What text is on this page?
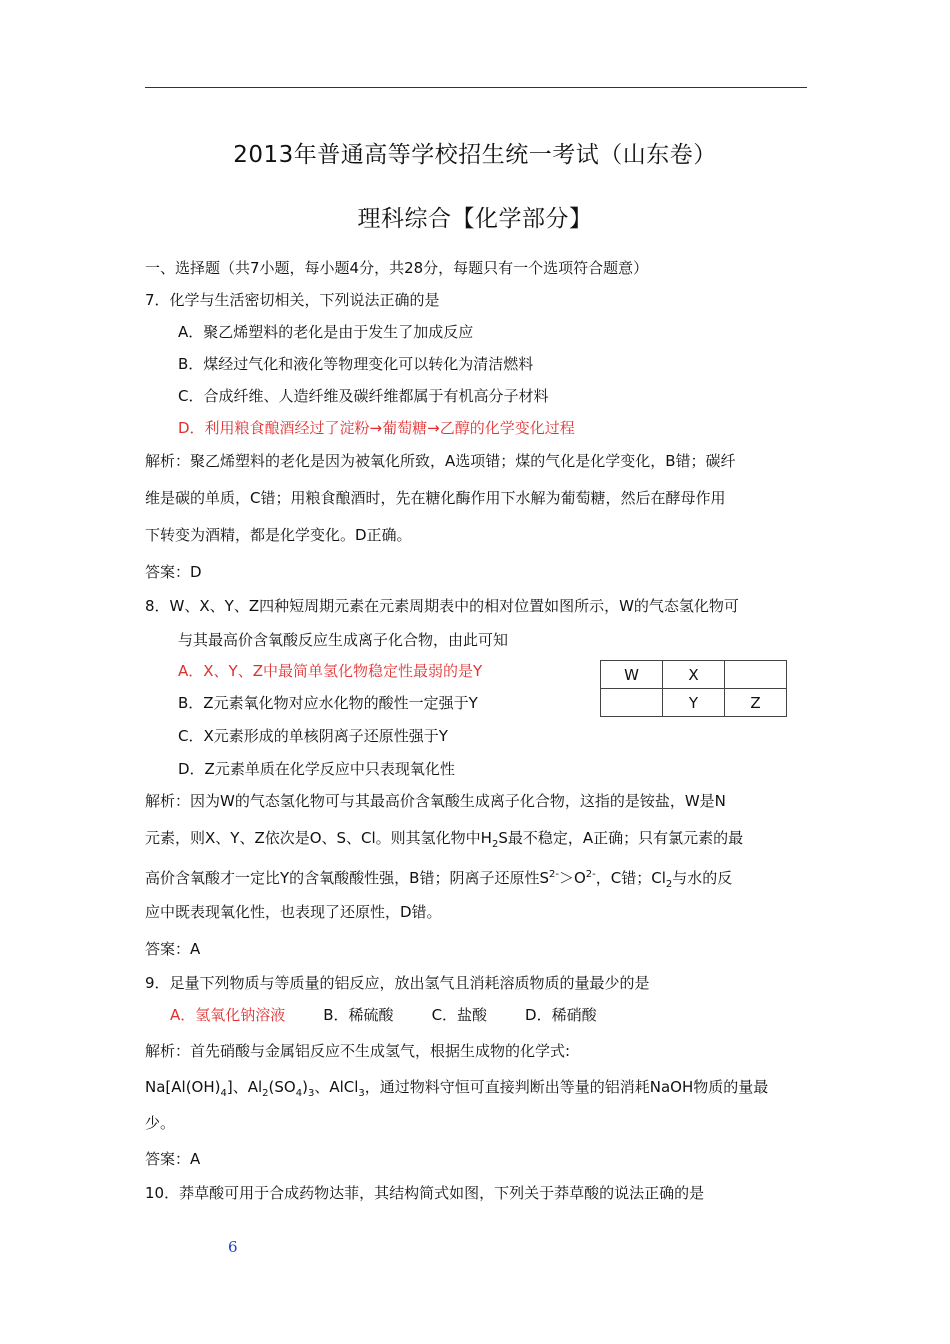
2013年普通高等学校招生统一考试（山东卷）
理科综合【化学部分】
一、选择题（共7小题，每小题4分，共28分，每题只有一个选项符合题意）
7．化学与生活密切相关，下列说法正确的是
A．聚乙烯塑料的老化是由于发生了加成反应
B．煤经过气化和液化等物理变化可以转化为清洁燃料
C．合成纤维、人造纤维及碳纤维都属于有机高分子材料
D．利用粮食酿酒经过了淀粉→葡萄糖→乙醇的化学变化过程
解析：聚乙烯塑料的老化是因为被氧化所致，A选项错；煤的气化是化学变化，B错；碳纤
维是碳的单质，C错；用粮食酿酒时，先在糖化酶作用下水解为葡萄糖，然后在酵母作用
下转变为酒精，都是化学变化。D正确。
答案：D
8．W、X、Y、Z四种短周期元素在元素周期表中的相对位置如图所示，W的气态氢化物可
与其最高价含氧酸反应生成离子化合物，由此可知
A．X、Y、Z中最简单氢化物稳定性最弱的是Y
B．Z元素氧化物对应水化物的酸性一定强于Y
C．X元素形成的单核阴离子还原性强于Y
D．Z元素单质在化学反应中只表现氧化性
W	X	
	Y	Z
解析：因为W的气态氢化物可与其最高价含氧酸生成离子化合物，这指的是铵盐，W是N
元素，则X、Y、Z依次是O、S、Cl。则其氢化物中$H_2S$最不稳定，A正确；只有氯元素的最
高价含氧酸才一定比Y的含氧酸酸性强，B错；阴离子还原性$S^{2-}>O^{2-}$，C错；$Cl_2$与水的反
应中既表现氧化性，也表现了还原性，D错。
答案：A
9．足量下列物质与等质量的铝反应，放出氢气且消耗溶质物质的量最少的是
A．氢氧化钠溶液	B．稀硫酸	C．盐酸	D．稀硝酸
解析：首先硝酸与金属铝反应不生成氢气，根据生成物的化学式:
$Na[Al(OH)_4]$、$Al_2(SO_4)_3$、AlCl$_3$，通过物料守恒可直接判断出等量的铝消耗NaOH物质的量最
少。
答案：A
10．莽草酸可用于合成药物达菲，其结构简式如图，下列关于莽草酸的说法正确的是
6
